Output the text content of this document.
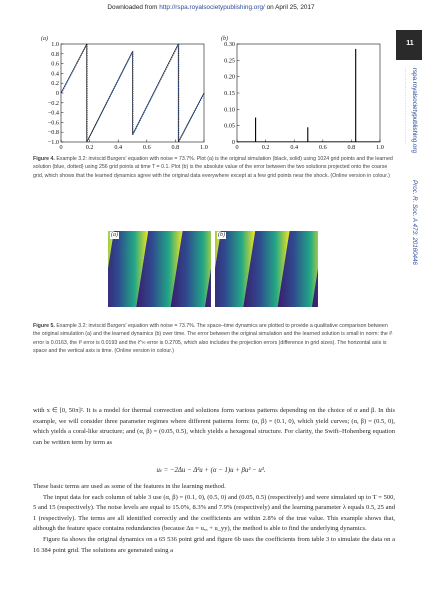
Downloaded from http://rspa.royalsocietypublishing.org/ on April 25, 2017
11
rspa.royalsocietypublishing.org
Proc. R. Soc. A 473: 20160446
................................................
(a)	(b)
0	0.2	0.4	0.6	0.8	1.0
1.0
0.8
0.6
0.4
0.2
0
−0.2
−0.4
−0.6
−0.8
−1.0
0	0.2	0.4	0.6	0.8	1.0
0.30
0.25
0.20
0.15
0.10
0.05
0
Figure 4. Example 3.2: inviscid Burgers' equation with noise = 73.7%. Plot (a) is the original simulation (black, solid) using 1024 grid points and the learned solution (blue, dotted) using 256 grid points at time T = 0.1. Plot (b) is the absolute value of the error between the two solutions projected onto the coarse grid, which shows that the learned dynamics agree with the original data everywhere except at a few grid points near the shock. (Online version in colour.)
(a)	(b)
Figure 5. Example 3.2: inviscid Burgers' equation with noise = 73.7%. The space–time dynamics are plotted to provide a qualitative comparison between the original simulation (a) and the learned dynamics (b) over time. The error between the original simulation and the learned solution is small in norm: the ℓ¹ error is 0.0163, the ℓ² error is 0.0193 and the ℓ^∞ error is 0.2705, which also includes the projection errors (difference in grid sizes). The horizontal axis is space and the vertical axis is time. (Online version in colour.)

with x ∈ [0, 50π]². It is a model for thermal convection and solutions form various patterns depending on the choice of α and β. In this example, we will consider three parameter regimes where different patterns form: (α, β) = (0.1, 0), which yield curves; (α, β) = (0.5, 0), which yields a coral-like structure; and (α, β) = (0.05, 0.5), which yields a hexagonal structure. For clarity, the Swift–Hohenberg equation can be written term by term as

uₜ = −2Δu − Δ²u + (α − 1)u + βu² − u³.

These basic terms are used as some of the features in the learning method.

The input data for each column of table 3 use (α, β) = (0.1, 0), (0.5, 0) and (0.05, 0.5) (respectively) and were simulated up to T = 500, 5 and 15 (respectively). The noise levels are equal to 15.0%, 8.3% and 7.9% (respectively) and the learning parameter λ equals 0.5, 25 and 1 (respectively). The terms are all identified correctly and the coefficients are within 2.8% of the true value. This example shows that, although the feature space contains redundancies (because Δu = uₓₓ + u_yy), the method is able to find the underlying dynamics.

Figure 6a shows the original dynamics on a 65 536 point grid and figure 6b uses the coefficients from table 3 to simulate the data on a 16 384 point grid. The solutions are generated using a
